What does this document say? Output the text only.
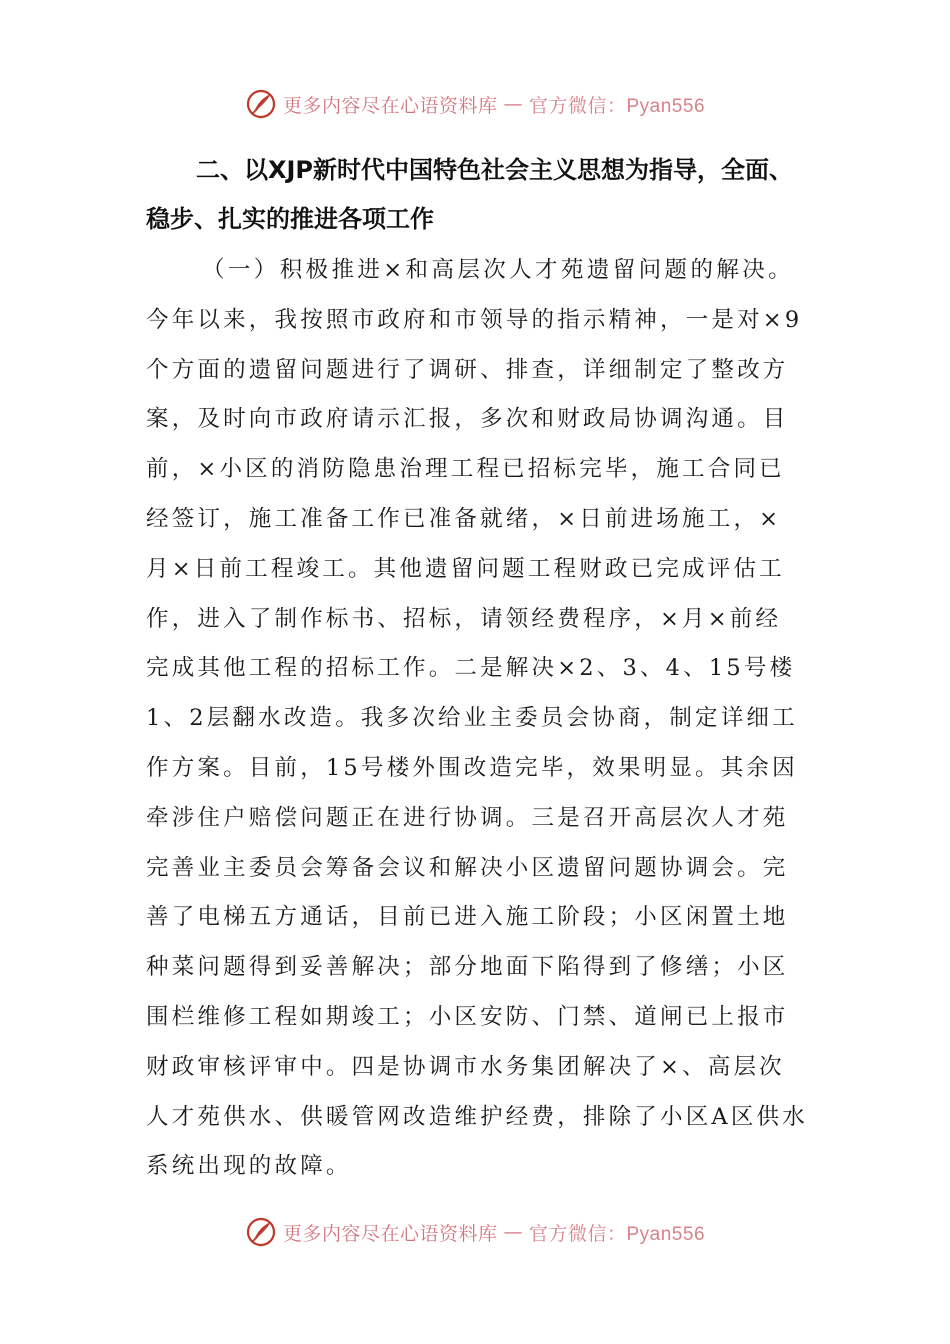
更多内容尽在心语资料库 — 官方微信：Pyan556
二、以XJP新时代中国特色社会主义思想为指导，全面、
稳步、扎实的推进各项工作
（一）积极推进×和高层次人才苑遗留问题的解决。
今年以来，我按照市政府和市领导的指示精神，一是对×9
个方面的遗留问题进行了调研、排查，详细制定了整改方
案，及时向市政府请示汇报，多次和财政局协调沟通。目
前，×小区的消防隐患治理工程已招标完毕，施工合同已
经签订，施工准备工作已准备就绪，×日前进场施工，×
月×日前工程竣工。其他遗留问题工程财政已完成评估工
作，进入了制作标书、招标，请领经费程序，×月×前经
完成其他工程的招标工作。二是解决×2、3、4、15号楼
1、2层翻水改造。我多次给业主委员会协商，制定详细工
作方案。目前，15号楼外围改造完毕，效果明显。其余因
牵涉住户赔偿问题正在进行协调。三是召开高层次人才苑
完善业主委员会筹备会议和解决小区遗留问题协调会。完
善了电梯五方通话，目前已进入施工阶段；小区闲置土地
种菜问题得到妥善解决；部分地面下陷得到了修缮；小区
围栏维修工程如期竣工；小区安防、门禁、道闸已上报市
财政审核评审中。四是协调市水务集团解决了×、高层次
人才苑供水、供暖管网改造维护经费，排除了小区A区供水
系统出现的故障。
更多内容尽在心语资料库 — 官方微信：Pyan556
